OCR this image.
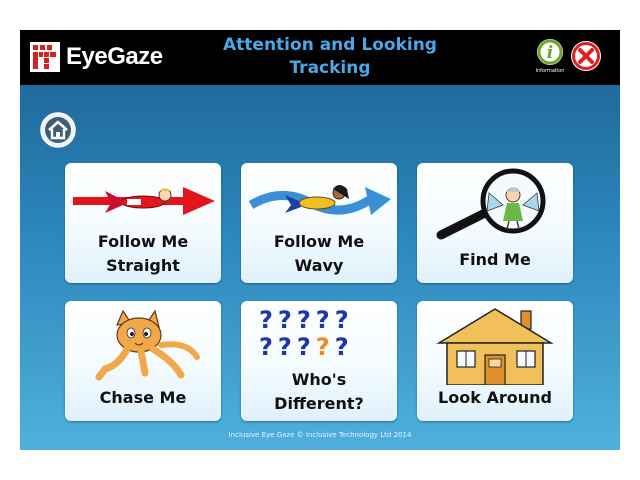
EyeGaze	Attention and Looking
Tracking
i
Information
Follow Me
Straight
Follow Me
Wavy	Find Me
Chase Me
?????
?????
Who's
Different?	Look Around
Inclusive Eye Gaze © Inclusive Technology Ltd 2014
